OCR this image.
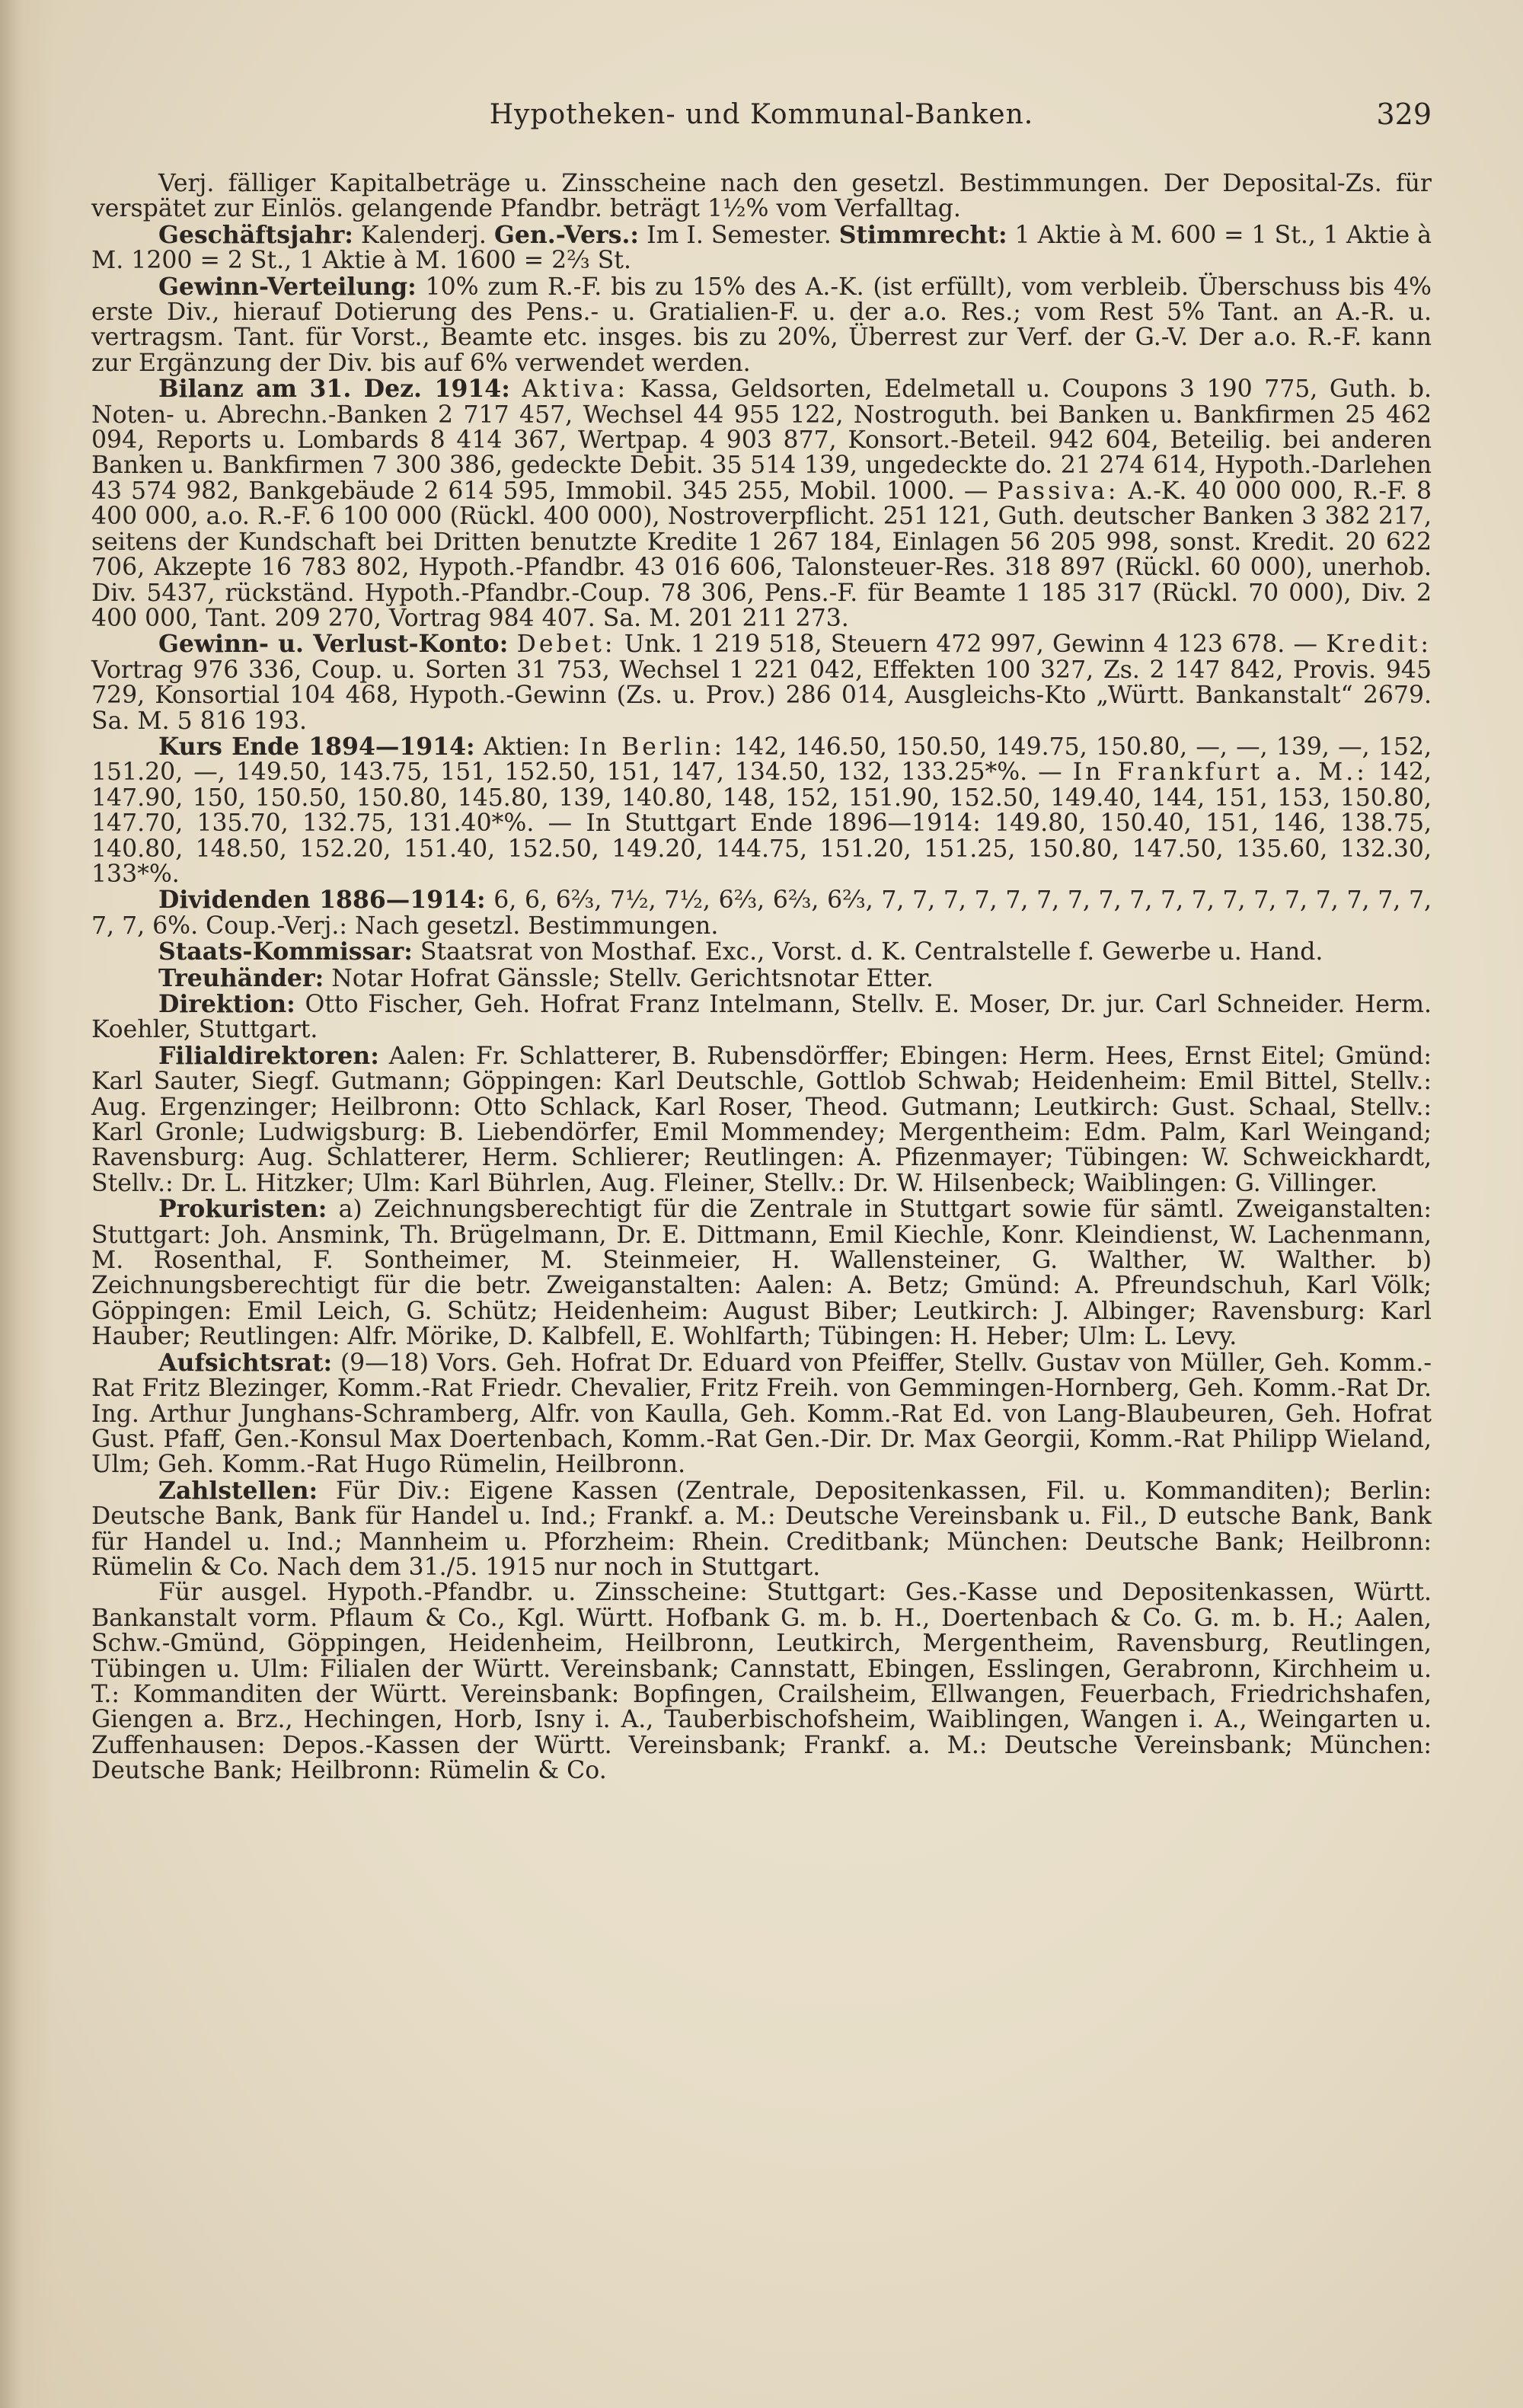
Hypotheken- und Kommunal-Banken.	329

Verj. fälliger Kapitalbeträge u. Zinsscheine nach den gesetzl. Bestimmungen. Der Deposital-Zs. für verspätet zur Einlös. gelangende Pfandbr. beträgt 1½% vom Verfalltag.

Geschäftsjahr: Kalenderj. Gen.-Vers.: Im I. Semester. Stimmrecht: 1 Aktie à M. 600 = 1 St., 1 Aktie à M. 1200 = 2 St., 1 Aktie à M. 1600 = 2⅔ St.

Gewinn-Verteilung: 10% zum R.-F. bis zu 15% des A.-K. (ist erfüllt), vom verbleib. Überschuss bis 4% erste Div., hierauf Dotierung des Pens.- u. Gratialien-F. u. der a.o. Res.; vom Rest 5% Tant. an A.-R. u. vertragsm. Tant. für Vorst., Beamte etc. insges. bis zu 20%, Überrest zur Verf. der G.-V. Der a.o. R.-F. kann zur Ergänzung der Div. bis auf 6% verwendet werden.

Bilanz am 31. Dez. 1914: Aktiva: Kassa, Geldsorten, Edelmetall u. Coupons 3 190 775, Guth. b. Noten- u. Abrechn.-Banken 2 717 457, Wechsel 44 955 122, Nostroguth. bei Banken u. Bankfirmen 25 462 094, Reports u. Lombards 8 414 367, Wertpap. 4 903 877, Konsort.-Beteil. 942 604, Beteilig. bei anderen Banken u. Bankfirmen 7 300 386, gedeckte Debit. 35 514 139, ungedeckte do. 21 274 614, Hypoth.-Darlehen 43 574 982, Bankgebäude 2 614 595, Immobil. 345 255, Mobil. 1000. — Passiva: A.-K. 40 000 000, R.-F. 8 400 000, a.o. R.-F. 6 100 000 (Rückl. 400 000), Nostroverpflicht. 251 121, Guth. deutscher Banken 3 382 217, seitens der Kundschaft bei Dritten benutzte Kredite 1 267 184, Einlagen 56 205 998, sonst. Kredit. 20 622 706, Akzepte 16 783 802, Hypoth.-Pfandbr. 43 016 606, Talonsteuer-Res. 318 897 (Rückl. 60 000), unerhob. Div. 5437, rückständ. Hypoth.-Pfandbr.-Coup. 78 306, Pens.-F. für Beamte 1 185 317 (Rückl. 70 000), Div. 2 400 000, Tant. 209 270, Vortrag 984 407. Sa. M. 201 211 273.

Gewinn- u. Verlust-Konto: Debet: Unk. 1 219 518, Steuern 472 997, Gewinn 4 123 678. — Kredit: Vortrag 976 336, Coup. u. Sorten 31 753, Wechsel 1 221 042, Effekten 100 327, Zs. 2 147 842, Provis. 945 729, Konsortial 104 468, Hypoth.-Gewinn (Zs. u. Prov.) 286 014, Ausgleichs-Kto „Württ. Bankanstalt“ 2679. Sa. M. 5 816 193.

Kurs Ende 1894—1914: Aktien: In Berlin: 142, 146.50, 150.50, 149.75, 150.80, —, —, 139, —, 152, 151.20, —, 149.50, 143.75, 151, 152.50, 151, 147, 134.50, 132, 133.25*%. — In Frankfurt a. M.: 142, 147.90, 150, 150.50, 150.80, 145.80, 139, 140.80, 148, 152, 151.90, 152.50, 149.40, 144, 151, 153, 150.80, 147.70, 135.70, 132.75, 131.40*%. — In Stuttgart Ende 1896—1914: 149.80, 150.40, 151, 146, 138.75, 140.80, 148.50, 152.20, 151.40, 152.50, 149.20, 144.75, 151.20, 151.25, 150.80, 147.50, 135.60, 132.30, 133*%.

Dividenden 1886—1914: 6, 6, 6⅔, 7½, 7½, 6⅔, 6⅔, 6⅔, 7, 7, 7, 7, 7, 7, 7, 7, 7, 7, 7, 7, 7, 7, 7, 7, 7, 7, 7, 7, 6%. Coup.-Verj.: Nach gesetzl. Bestimmungen.

Staats-Kommissar: Staatsrat von Mosthaf. Exc., Vorst. d. K. Centralstelle f. Gewerbe u. Hand.

Treuhänder: Notar Hofrat Gänssle; Stellv. Gerichtsnotar Etter.

Direktion: Otto Fischer, Geh. Hofrat Franz Intelmann, Stellv. E. Moser, Dr. jur. Carl Schneider. Herm. Koehler, Stuttgart.

Filialdirektoren: Aalen: Fr. Schlatterer, B. Rubensdörffer; Ebingen: Herm. Hees, Ernst Eitel; Gmünd: Karl Sauter, Siegf. Gutmann; Göppingen: Karl Deutschle, Gottlob Schwab; Heidenheim: Emil Bittel, Stellv.: Aug. Ergenzinger; Heilbronn: Otto Schlack, Karl Roser, Theod. Gutmann; Leutkirch: Gust. Schaal, Stellv.: Karl Gronle; Ludwigsburg: B. Liebendörfer, Emil Mommendey; Mergentheim: Edm. Palm, Karl Weingand; Ravensburg: Aug. Schlatterer, Herm. Schlierer; Reutlingen: A. Pfizenmayer; Tübingen: W. Schweickhardt, Stellv.: Dr. L. Hitzker; Ulm: Karl Bührlen, Aug. Fleiner, Stellv.: Dr. W. Hilsenbeck; Waiblingen: G. Villinger.

Prokuristen: a) Zeichnungsberechtigt für die Zentrale in Stuttgart sowie für sämtl. Zweiganstalten: Stuttgart: Joh. Ansmink, Th. Brügelmann, Dr. E. Dittmann, Emil Kiechle, Konr. Kleindienst, W. Lachenmann, M. Rosenthal, F. Sontheimer, M. Steinmeier, H. Wallensteiner, G. Walther, W. Walther. b) Zeichnungsberechtigt für die betr. Zweiganstalten: Aalen: A. Betz; Gmünd: A. Pfreundschuh, Karl Völk; Göppingen: Emil Leich, G. Schütz; Heidenheim: August Biber; Leutkirch: J. Albinger; Ravensburg: Karl Hauber; Reutlingen: Alfr. Mörike, D. Kalbfell, E. Wohlfarth; Tübingen: H. Heber; Ulm: L. Levy.

Aufsichtsrat: (9—18) Vors. Geh. Hofrat Dr. Eduard von Pfeiffer, Stellv. Gustav von Müller, Geh. Komm.-Rat Fritz Blezinger, Komm.-Rat Friedr. Chevalier, Fritz Freih. von Gemmingen-Hornberg, Geh. Komm.-Rat Dr. Ing. Arthur Junghans-Schramberg, Alfr. von Kaulla, Geh. Komm.-Rat Ed. von Lang-Blaubeuren, Geh. Hofrat Gust. Pfaff, Gen.-Konsul Max Doertenbach, Komm.-Rat Gen.-Dir. Dr. Max Georgii, Komm.-Rat Philipp Wieland, Ulm; Geh. Komm.-Rat Hugo Rümelin, Heilbronn.

Zahlstellen: Für Div.: Eigene Kassen (Zentrale, Depositenkassen, Fil. u. Kommanditen); Berlin: Deutsche Bank, Bank für Handel u. Ind.; Frankf. a. M.: Deutsche Vereinsbank u. Fil., D eutsche Bank, Bank für Handel u. Ind.; Mannheim u. Pforzheim: Rhein. Creditbank; München: Deutsche Bank; Heilbronn: Rümelin & Co. Nach dem 31./5. 1915 nur noch in Stuttgart.

Für ausgel. Hypoth.-Pfandbr. u. Zinsscheine: Stuttgart: Ges.-Kasse und Depositenkassen, Württ. Bankanstalt vorm. Pflaum & Co., Kgl. Württ. Hofbank G. m. b. H., Doertenbach & Co. G. m. b. H.; Aalen, Schw.-Gmünd, Göppingen, Heidenheim, Heilbronn, Leutkirch, Mergentheim, Ravensburg, Reutlingen, Tübingen u. Ulm: Filialen der Württ. Vereinsbank; Cannstatt, Ebingen, Esslingen, Gerabronn, Kirchheim u. T.: Kommanditen der Württ. Vereinsbank: Bopfingen, Crailsheim, Ellwangen, Feuerbach, Friedrichshafen, Giengen a. Brz., Hechingen, Horb, Isny i. A., Tauberbischofsheim, Waiblingen, Wangen i. A., Weingarten u. Zuffenhausen: Depos.-Kassen der Württ. Vereinsbank; Frankf. a. M.: Deutsche Vereinsbank; München: Deutsche Bank; Heilbronn: Rümelin & Co.
